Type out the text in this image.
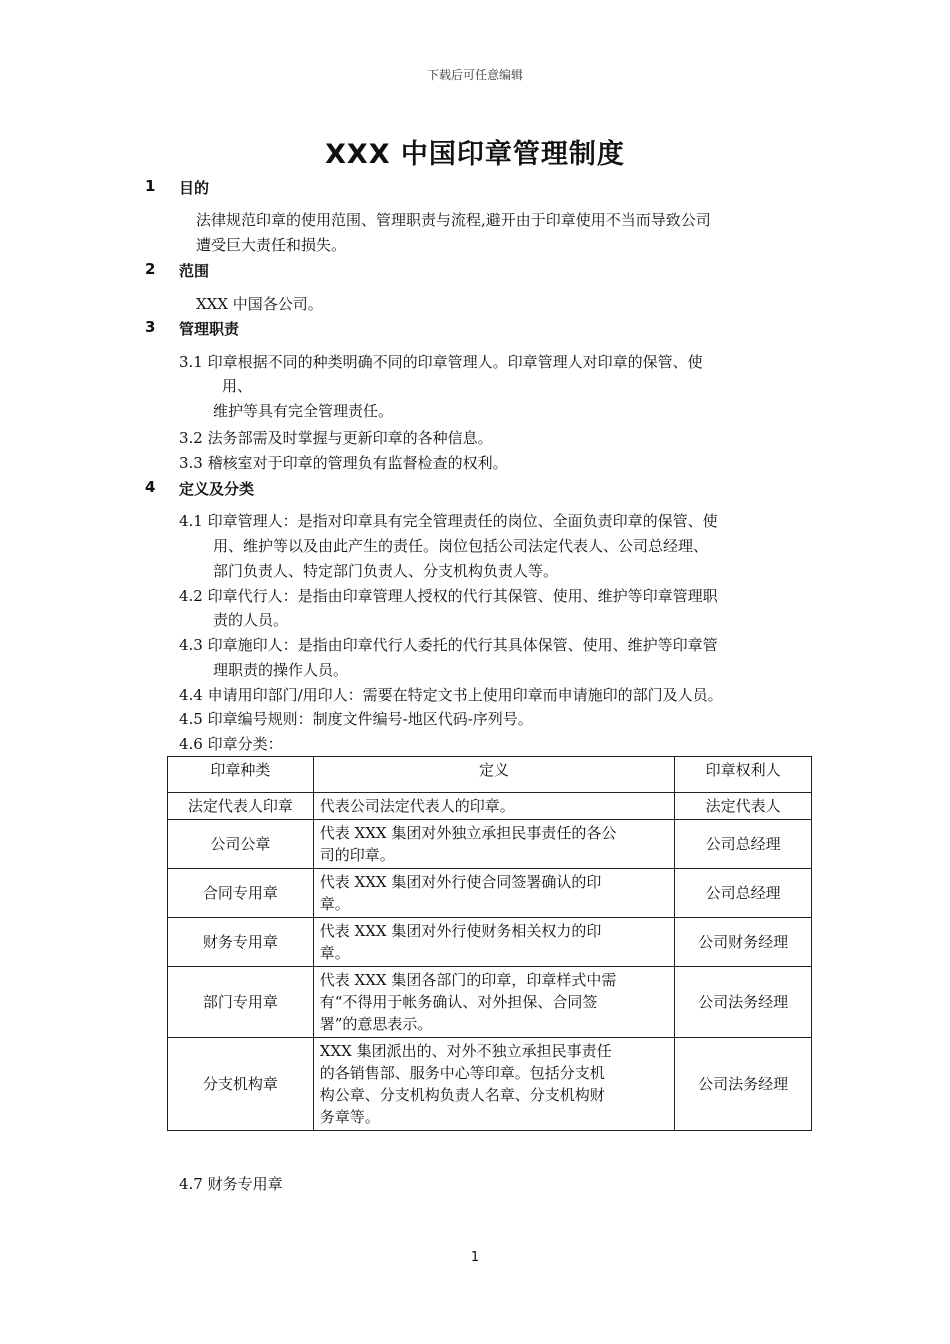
下载后可任意编辑
XXX 中国印章管理制度
1 目的
法律规范印章的使用范围、管理职责与流程,避开由于印章使用不当而导致公司
遭受巨大责任和损失。
2 范围
XXX 中国各公司。
3 管理职责
3.1 印章根据不同的种类明确不同的印章管理人。印章管理人对印章的保管、使
用、
维护等具有完全管理责任。
3.2 法务部需及时掌握与更新印章的各种信息。
3.3 稽核室对于印章的管理负有监督检查的权利。
4 定义及分类
4.1 印章管理人：是指对印章具有完全管理责任的岗位、全面负责印章的保管、使
用、维护等以及由此产生的责任。岗位包括公司法定代表人、公司总经理、
部门负责人、特定部门负责人、分支机构负责人等。
4.2 印章代行人：是指由印章管理人授权的代行其保管、使用、维护等印章管理职
责的人员。
4.3 印章施印人：是指由印章代行人委托的代行其具体保管、使用、维护等印章管
理职责的操作人员。
4.4 申请用印部门/用印人：需要在特定文书上使用印章而申请施印的部门及人员。
4.5 印章编号规则：制度文件编号-地区代码-序列号。
4.6 印章分类：
印章种类	定义	印章权利人
法定代表人印章	代表公司法定代表人的印章。	法定代表人
公司公章	代表 XXX 集团对外独立承担民事责任的各公
司的印章。	公司总经理
合同专用章	代表 XXX 集团对外行使合同签署确认的印
章。	公司总经理
财务专用章	代表 XXX 集团对外行使财务相关权力的印
章。	公司财务经理
部门专用章	代表 XXX 集团各部门的印章，印章样式中需
有“不得用于帐务确认、对外担保、合同签
署”的意思表示。	公司法务经理
分支机构章	XXX 集团派出的、对外不独立承担民事责任
的各销售部、服务中心等印章。包括分支机
构公章、分支机构负责人名章、分支机构财
务章等。	公司法务经理
4.7 财务专用章
1
